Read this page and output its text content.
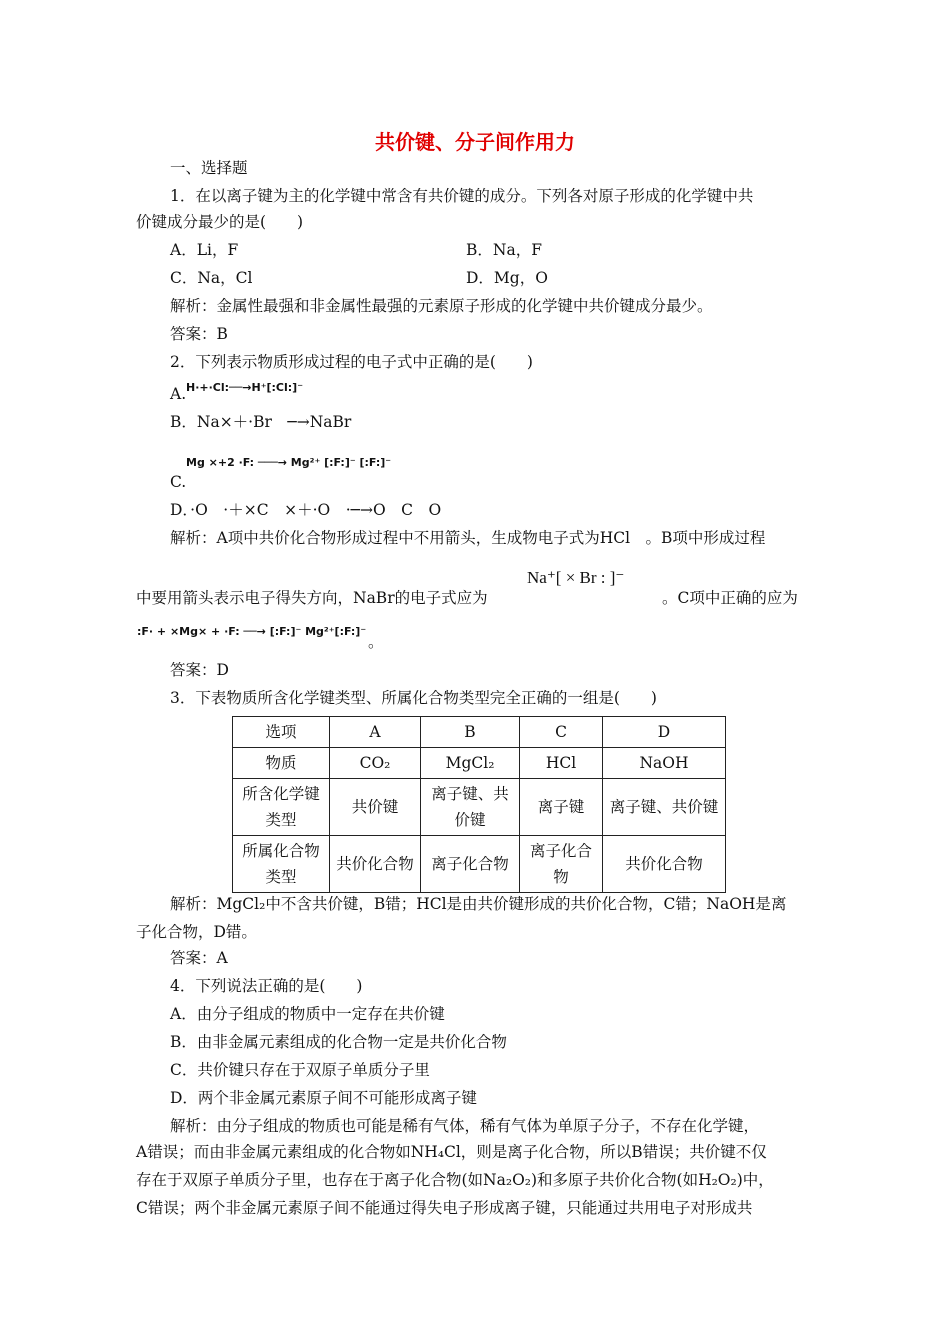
共价键、分子间作用力
一、选择题
1．在以离子键为主的化学键中常含有共价键的成分。下列各对原子形成的化学键中共
价键成分最少的是(　　)
A．Li，F	B．Na，F
C．Na，Cl	D．Mg，O
解析：金属性最强和非金属性最强的元素原子形成的化学键中共价键成分最少。
答案：B
2．下列表示物质形成过程的电子式中正确的是(　　)
A. H·+·Cl:──→H⁺[:Cl:]⁻
B．Na×＋·Br　─→NaBr
Mg ×+2 ·F: ───→ Mg²⁺ [:F:]⁻ [:F:]⁻
C.
D．·O　·＋×C　×＋·O　·─→O　C　O
解析：A项中共价化合物形成过程中不用箭头，生成物电子式为HCl　。B项中形成过程
中要用箭头表示电子得失方向，NaBr的电子式应为
Na⁺[ × Br : ]⁻
。C项中正确的应为
:F· + ×Mg× + ·F: ──→ [:F:]⁻ Mg²⁺[:F:]⁻
。
答案：D
3．下表物质所含化学键类型、所属化合物类型完全正确的一组是(　　)
选项	A	B	C	D
物质	CO₂	MgCl₂	HCl	NaOH
所含化学键类型	共价键	离子键、共价键	离子键	离子键、共价键
所属化合物类型	共价化合物	离子化合物	离子化合物	共价化合物
解析：MgCl₂中不含共价键，B错；HCl是由共价键形成的共价化合物，C错；NaOH是离
子化合物，D错。
答案：A
4．下列说法正确的是(　　)
A．由分子组成的物质中一定存在共价键
B．由非金属元素组成的化合物一定是共价化合物
C．共价键只存在于双原子单质分子里
D．两个非金属元素原子间不可能形成离子键
解析：由分子组成的物质也可能是稀有气体，稀有气体为单原子分子，不存在化学键，
A错误；而由非金属元素组成的化合物如NH₄Cl，则是离子化合物，所以B错误；共价键不仅
存在于双原子单质分子里，也存在于离子化合物(如Na₂O₂)和多原子共价化合物(如H₂O₂)中，
C错误；两个非金属元素原子间不能通过得失电子形成离子键，只能通过共用电子对形成共
